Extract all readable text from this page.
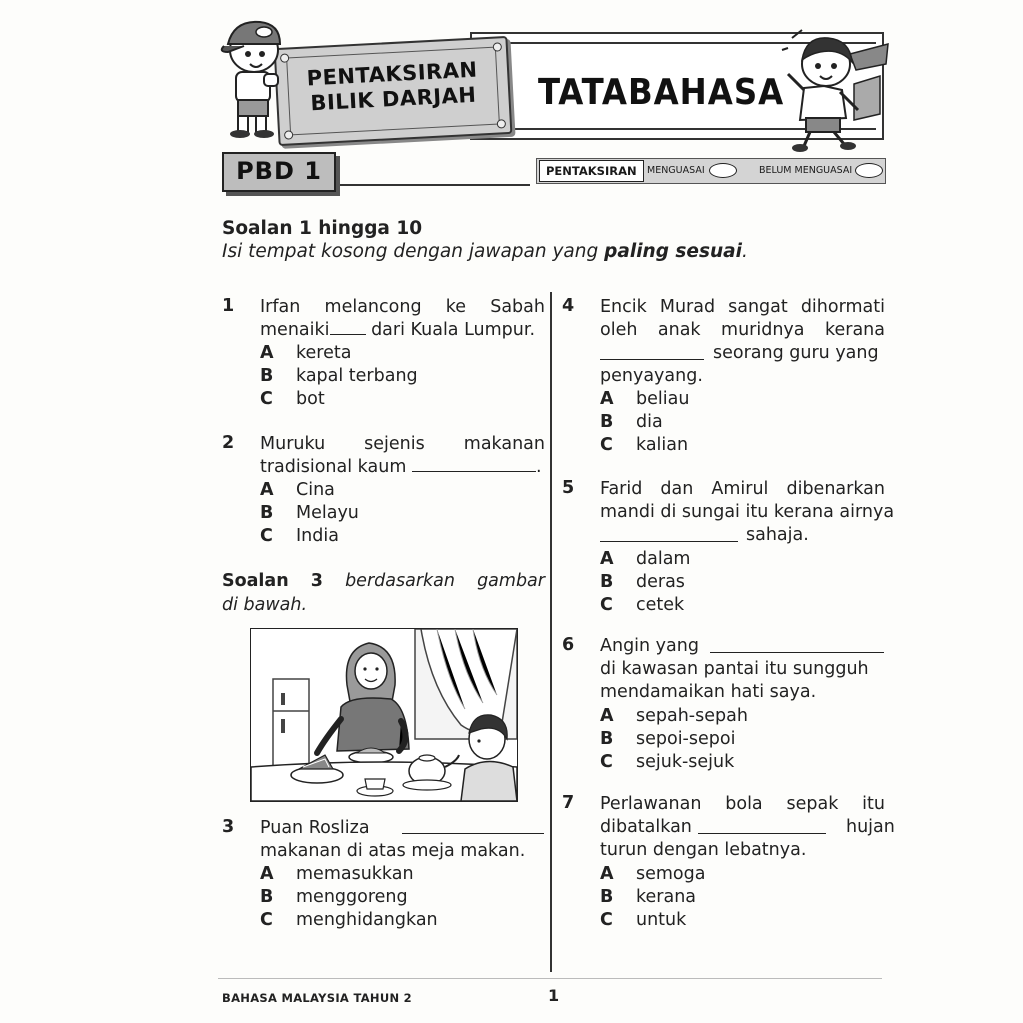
PENTAKSIRAN
BILIK DARJAH	TATABAHASA
PBD 1	PENTAKSIRAN	MENGUASAI	BELUM MENGUASAI
Soalan 1 hingga 10
Isi tempat kosong dengan jawapan yang paling sesuai.
1 Irfan melancong ke Sabah
menaiki dari Kuala Lumpur.
A kereta
B kapal terbang
C bot
2 Muruku sejenis makanan
tradisional kaum	.
A Cina
B Melayu
C India
Soalan 3 berdasarkan gambar
di bawah.
3 Puan Rosliza
makanan di atas meja makan.
A memasukkan
B menggoreng
C menghidangkan
4 Encik Murad sangat dihormati
oleh anak muridnya kerana
seorang guru yang
penyayang.
A beliau
B dia
C kalian
5 Farid dan Amirul dibenarkan
mandi di sungai itu kerana airnya
sahaja.
A dalam
B deras
C cetek
6 Angin yang
di kawasan pantai itu sungguh
mendamaikan hati saya.
A sepah-sepah
B sepoi-sepoi
C sejuk-sejuk
7 Perlawanan bola sepak itu
dibatalkan	hujan
turun dengan lebatnya.
A semoga
B kerana
C untuk
BAHASA MALAYSIA TAHUN 2	1
